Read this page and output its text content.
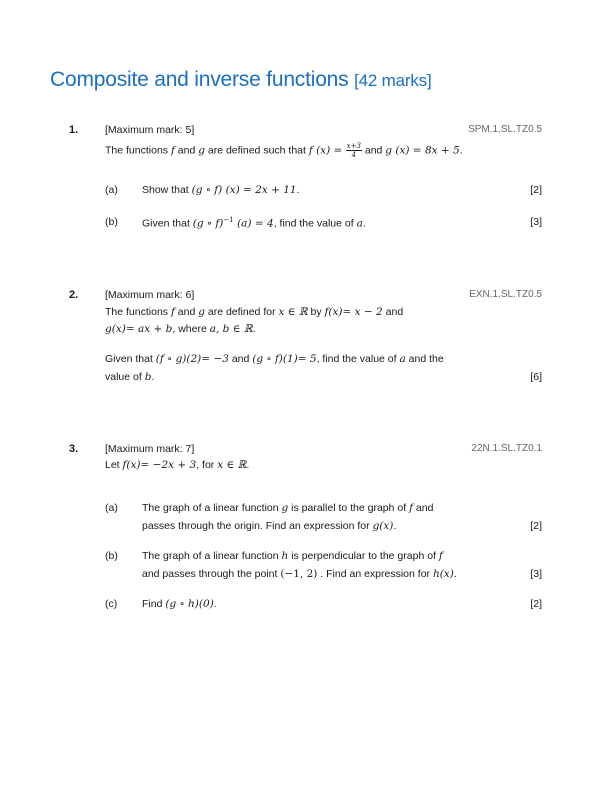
Composite and inverse functions [42 marks]
1.	[Maximum mark: 5]	SPM.1.SL.TZ0.5
The functions f and g are defined such that f $(x) = \frac{x+3}{4}$ and g (x) = 8x + 5.
(a) Show that (g ∘ f) (x) = 2x + 11.	[2]
(b) Given that (g ∘ f)$^{-1}$ (a) = 4, find the value of a.	[3]
2.	[Maximum mark: 6]	EXN.1.SL.TZ0.5
The functions f and g are defined for x ∈ ℝ by f(x)= x − 2 and
g(x)= ax + b, where a, b ∈ ℝ.
Given that (f ∘ g)(2)= −3 and (g ∘ f)(1)= 5, find the value of a and the
value of b.	[6]
3.	[Maximum mark: 7]	22N.1.SL.TZ0.1
Let f(x)= −2x + 3, for x ∈ ℝ.
(a) The graph of a linear function g is parallel to the graph of f and
passes through the origin. Find an expression for g(x).	[2]
(b) The graph of a linear function h is perpendicular to the graph of f
and passes through the point (−1, 2) . Find an expression for h(x).	[3]
(c) Find (g ∘ h)(0).	[2]
